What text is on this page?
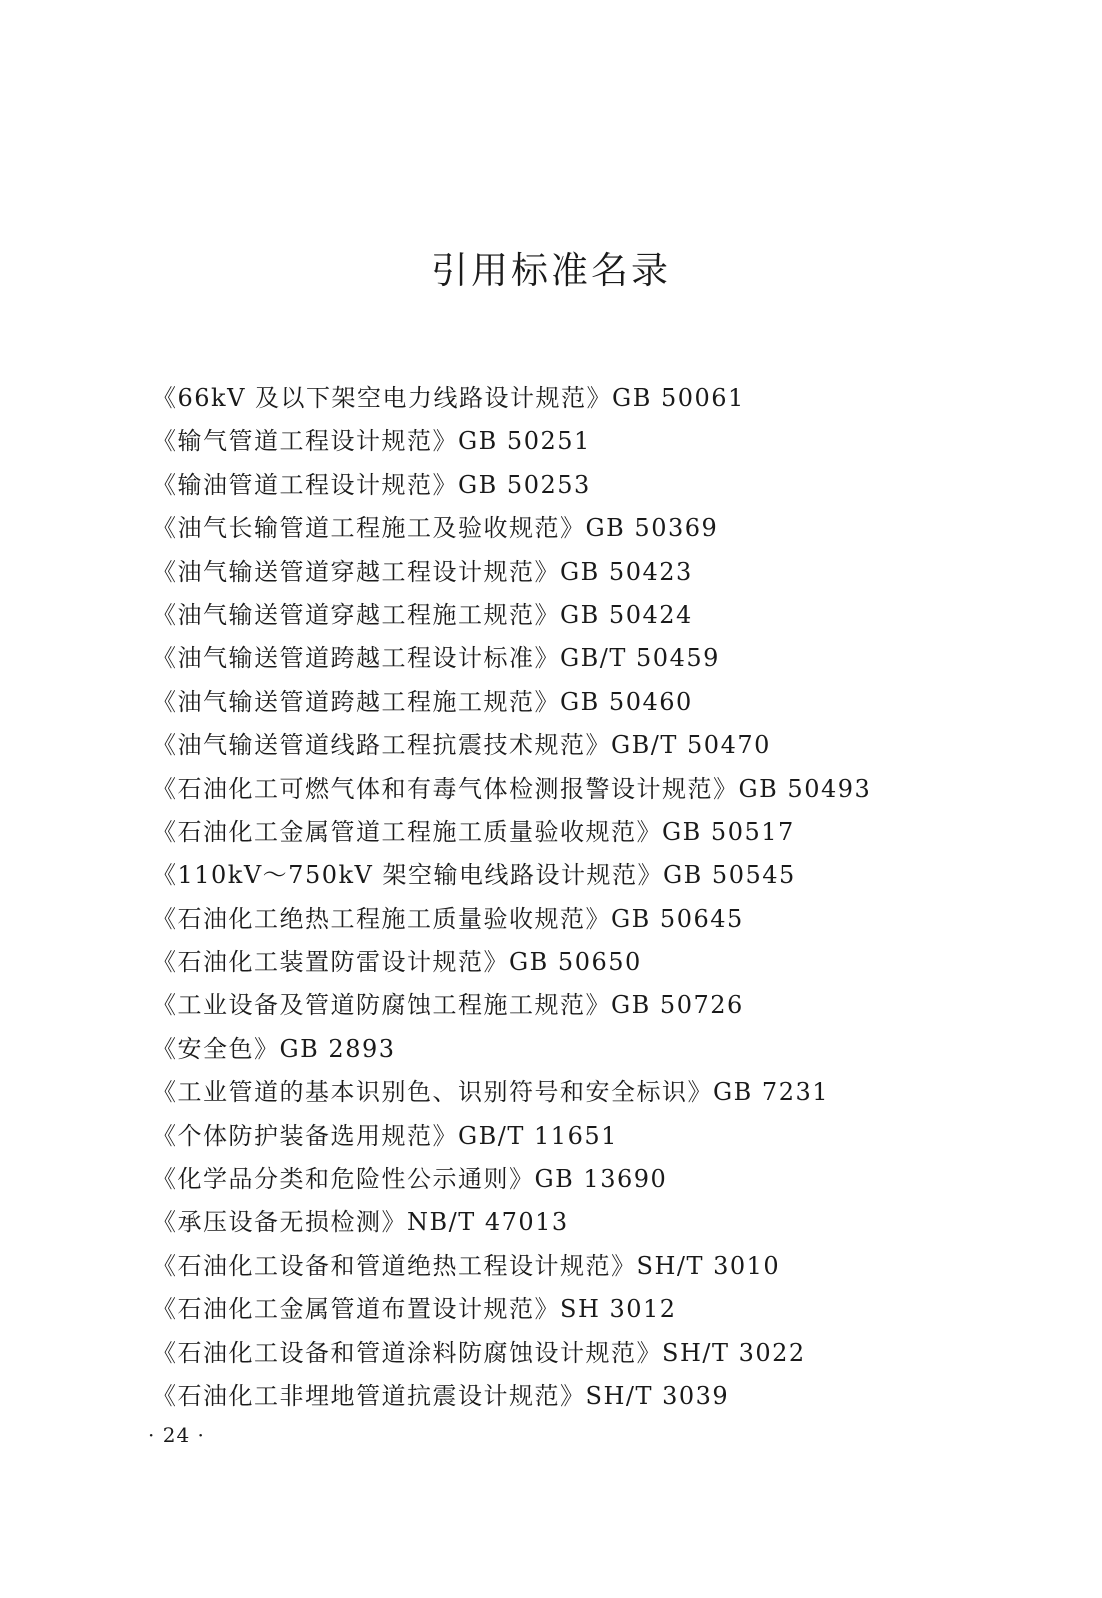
引用标准名录
《66kV 及以下架空电力线路设计规范》GB 50061
《输气管道工程设计规范》GB 50251
《输油管道工程设计规范》GB 50253
《油气长输管道工程施工及验收规范》GB 50369
《油气输送管道穿越工程设计规范》GB 50423
《油气输送管道穿越工程施工规范》GB 50424
《油气输送管道跨越工程设计标准》GB/T 50459
《油气输送管道跨越工程施工规范》GB 50460
《油气输送管道线路工程抗震技术规范》GB/T 50470
《石油化工可燃气体和有毒气体检测报警设计规范》GB 50493
《石油化工金属管道工程施工质量验收规范》GB 50517
《110kV～750kV 架空输电线路设计规范》GB 50545
《石油化工绝热工程施工质量验收规范》GB 50645
《石油化工装置防雷设计规范》GB 50650
《工业设备及管道防腐蚀工程施工规范》GB 50726
《安全色》GB 2893
《工业管道的基本识别色、识别符号和安全标识》GB 7231
《个体防护装备选用规范》GB/T 11651
《化学品分类和危险性公示通则》GB 13690
《承压设备无损检测》NB/T 47013
《石油化工设备和管道绝热工程设计规范》SH/T 3010
《石油化工金属管道布置设计规范》SH 3012
《石油化工设备和管道涂料防腐蚀设计规范》SH/T 3022
《石油化工非埋地管道抗震设计规范》SH/T 3039
· 24 ·
